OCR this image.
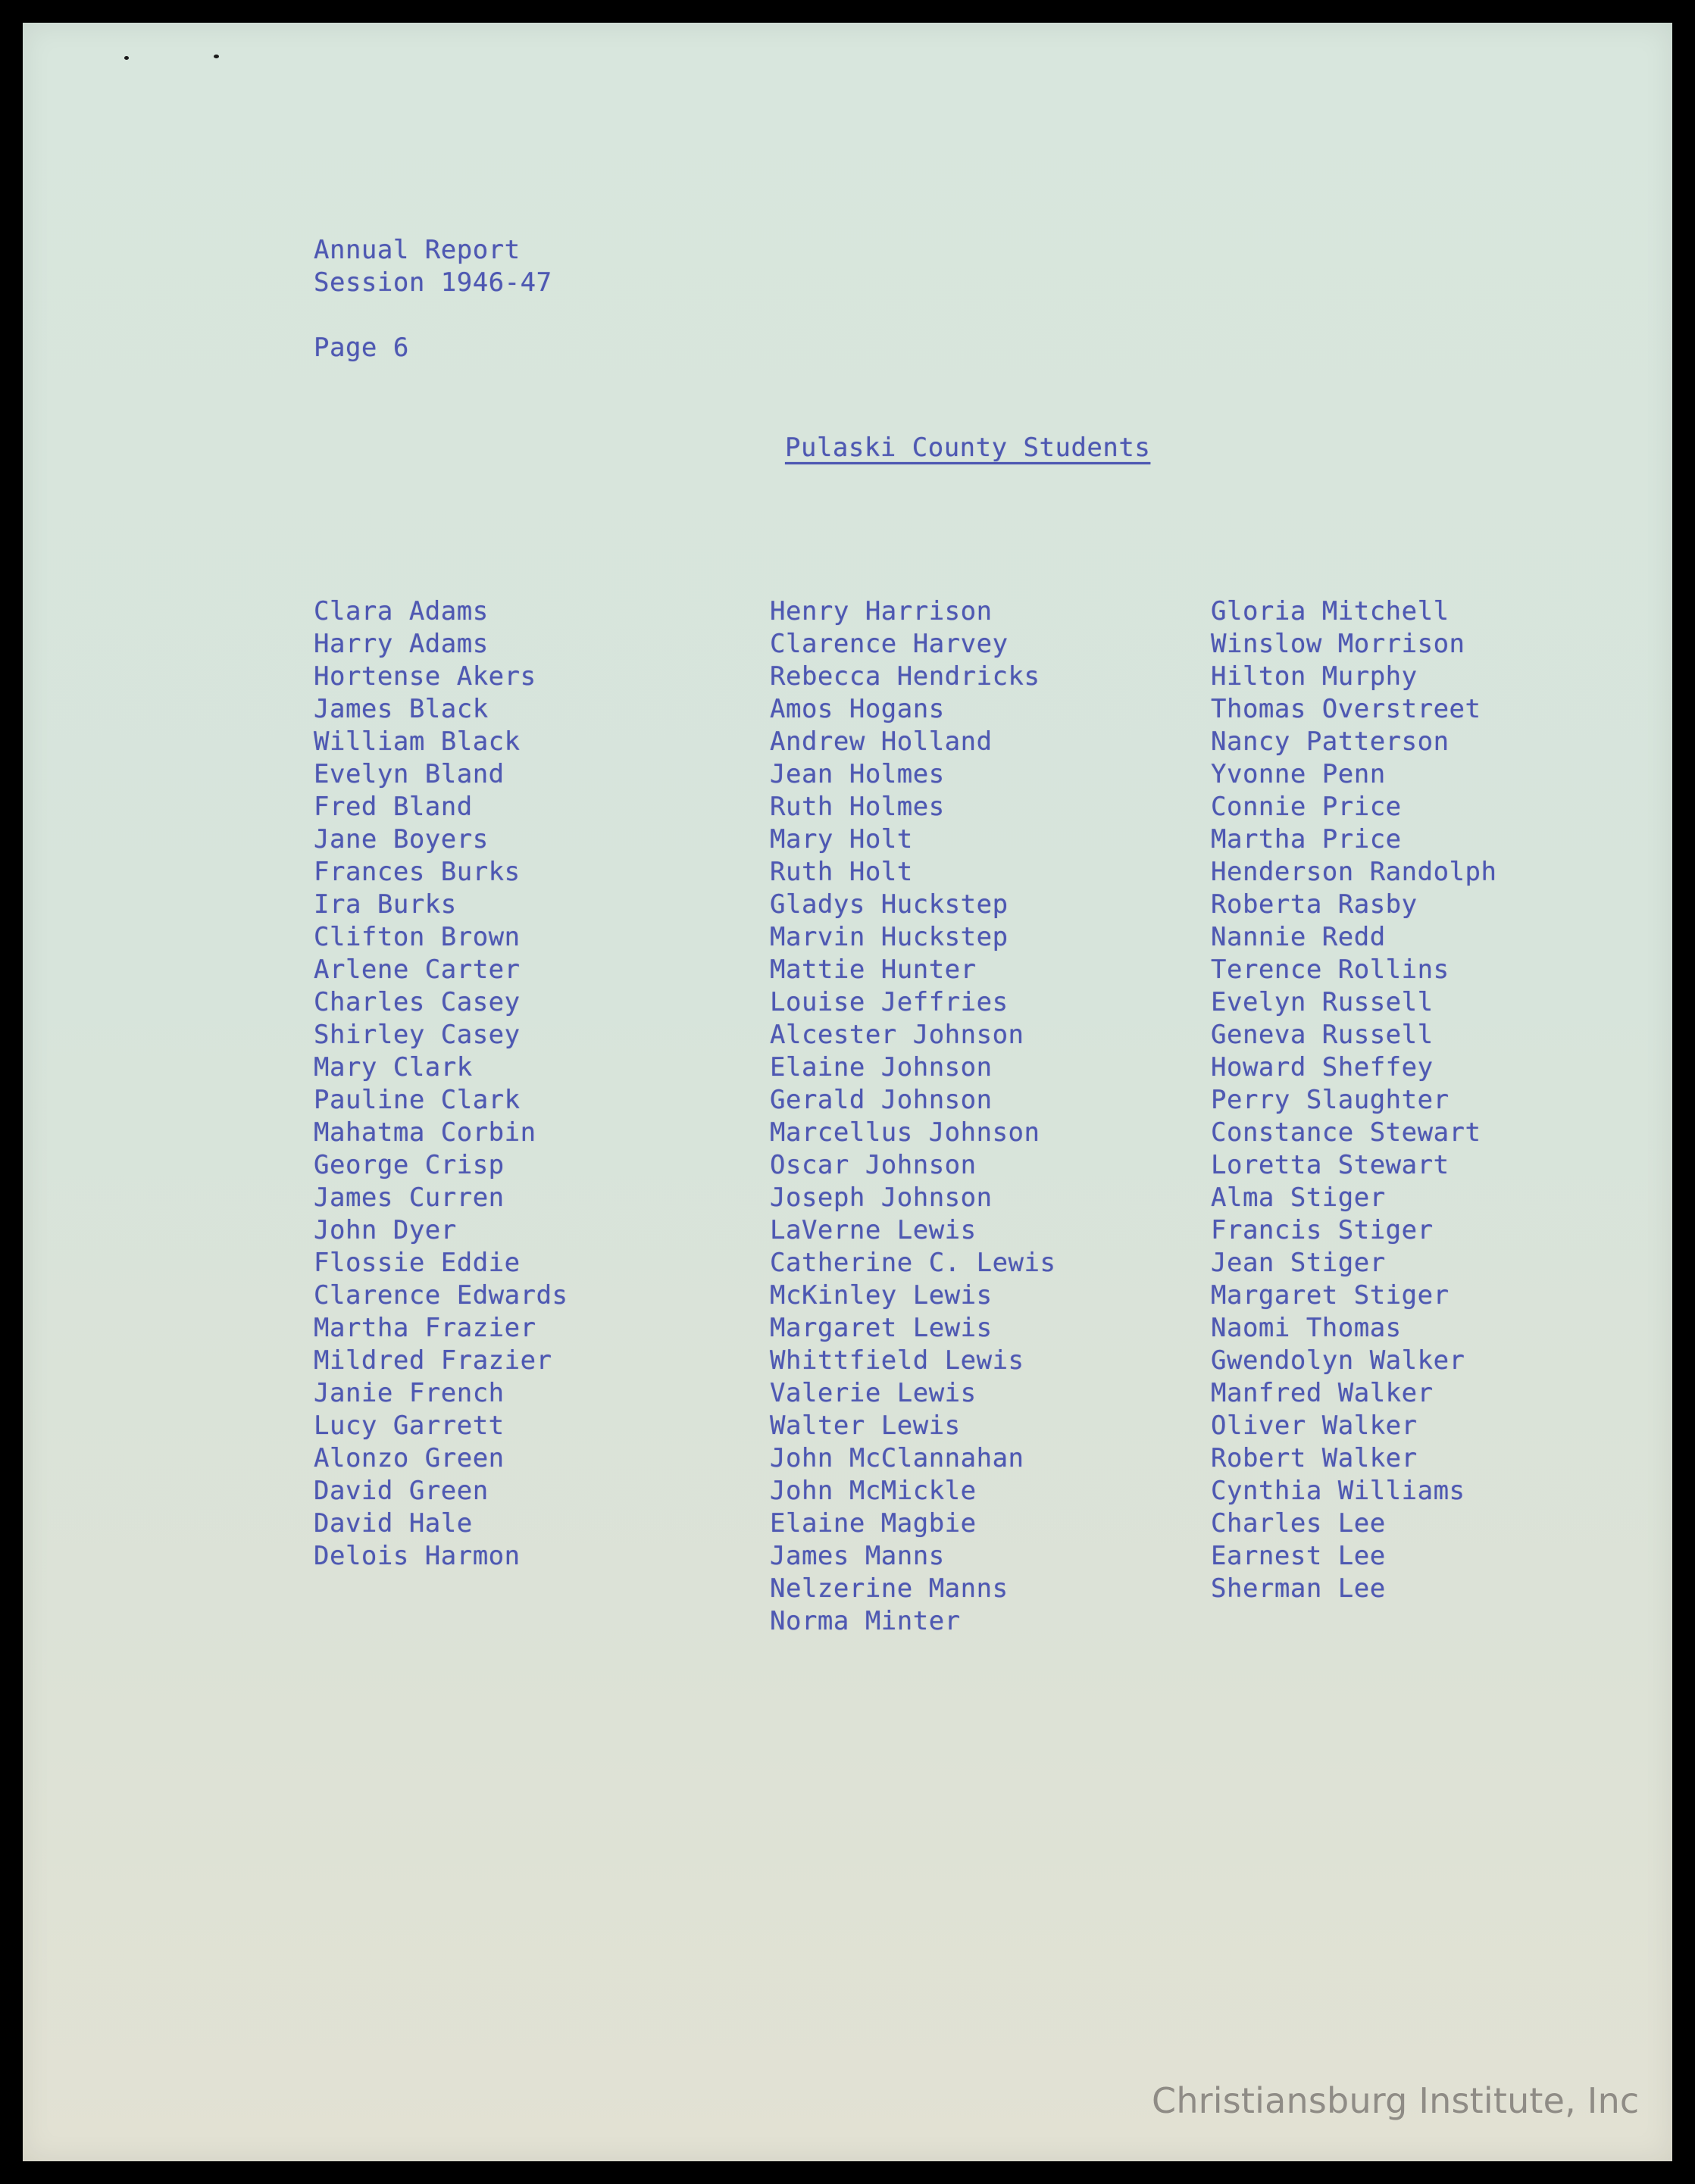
Annual Report
Session 1946-47
Page 6
Pulaski County Students
Clara Adams
Harry Adams
Hortense Akers
James Black
William Black
Evelyn Bland
Fred Bland
Jane Boyers
Frances Burks
Ira Burks
Clifton Brown
Arlene Carter
Charles Casey
Shirley Casey
Mary Clark
Pauline Clark
Mahatma Corbin
George Crisp
James Curren
John Dyer
Flossie Eddie
Clarence Edwards
Martha Frazier
Mildred Frazier
Janie French
Lucy Garrett
Alonzo Green
David Green
David Hale
Delois Harmon
Henry Harrison
Clarence Harvey
Rebecca Hendricks
Amos Hogans
Andrew Holland
Jean Holmes
Ruth Holmes
Mary Holt
Ruth Holt
Gladys Huckstep
Marvin Huckstep
Mattie Hunter
Louise Jeffries
Alcester Johnson
Elaine Johnson
Gerald Johnson
Marcellus Johnson
Oscar Johnson
Joseph Johnson
LaVerne Lewis
Catherine C. Lewis
McKinley Lewis
Margaret Lewis
Whittfield Lewis
Valerie Lewis
Walter Lewis
John McClannahan
John McMickle
Elaine Magbie
James Manns
Nelzerine Manns
Norma Minter
Gloria Mitchell
Winslow Morrison
Hilton Murphy
Thomas Overstreet
Nancy Patterson
Yvonne Penn
Connie Price
Martha Price
Henderson Randolph
Roberta Rasby
Nannie Redd
Terence Rollins
Evelyn Russell
Geneva Russell
Howard Sheffey
Perry Slaughter
Constance Stewart
Loretta Stewart
Alma Stiger
Francis Stiger
Jean Stiger
Margaret Stiger
Naomi Thomas
Gwendolyn Walker
Manfred Walker
Oliver Walker
Robert Walker
Cynthia Williams
Charles Lee
Earnest Lee
Sherman Lee
Christiansburg Institute, Inc
